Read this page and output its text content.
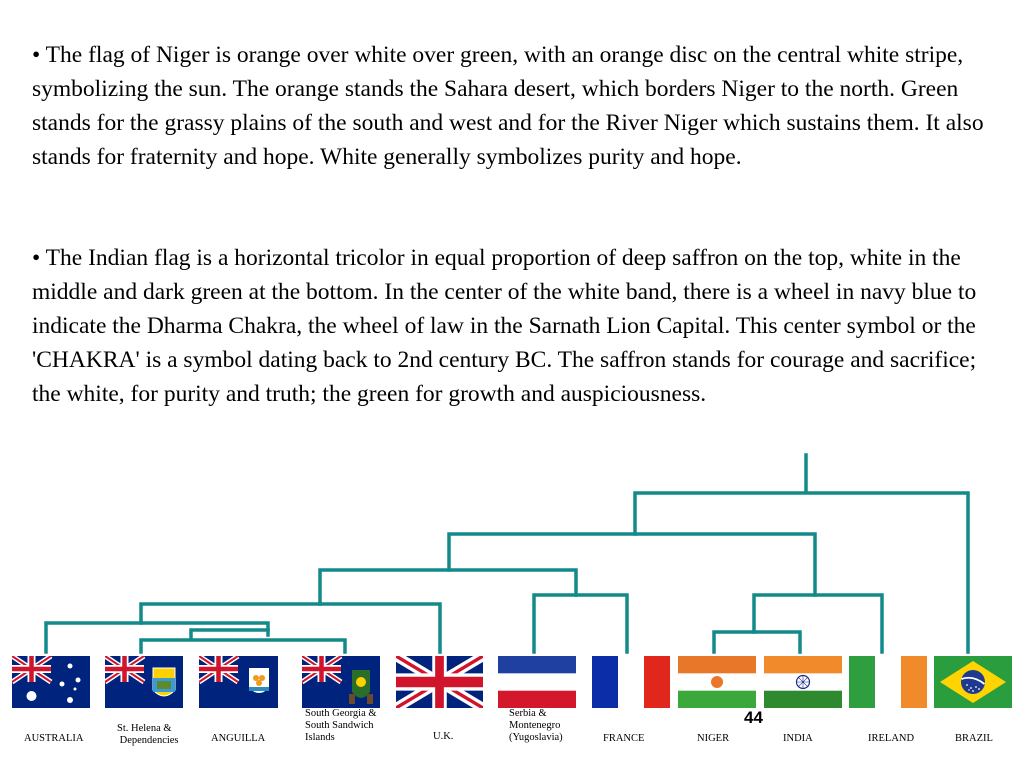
• The flag of Niger is orange over white over green, with an orange disc on the central white stripe, symbolizing the sun. The orange stands the Sahara desert, which borders Niger to the north. Green stands for the grassy plains of the south and west and for the River Niger which sustains them. It also stands for fraternity and hope. White generally symbolizes purity and hope.

• The Indian flag is a horizontal tricolor in equal proportion of deep saffron on the top, white in the middle and dark green at the bottom. In the center of the white band, there is a wheel in navy blue to indicate the Dharma Chakra, the wheel of law in the Sarnath Lion Capital. This center symbol or the 'CHAKRA' is a symbol dating back to 2nd century BC. The saffron stands for courage and sacrifice; the white, for purity and truth; the green for growth and auspiciousness.

AUSTRALIA
St. Helena &
Dependencies	ANGUILLA
South Georgia &
South Sandwich
Islands	U.K.
Serbia &
Montenegro
(Yugoslavia)	FRANCE	NIGER	INDIA	IRELAND	BRAZIL
44
